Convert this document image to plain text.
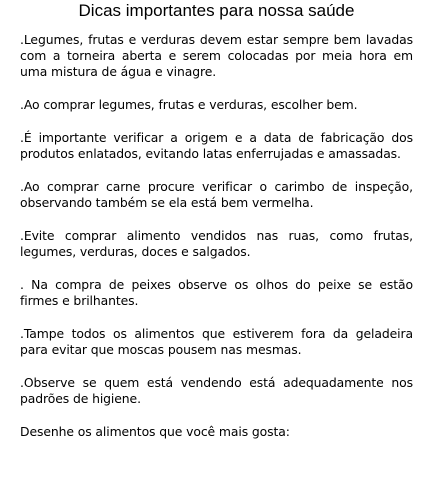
Dicas importantes para nossa saúde

.Legumes, frutas e verduras devem estar sempre bem lavadas com a torneira aberta e serem colocadas por meia hora em uma mistura de água e vinagre.

.Ao comprar legumes, frutas e verduras, escolher bem.

.É importante verificar a origem e a data de fabricação dos produtos enlatados, evitando latas enferrujadas e amassadas.

.Ao comprar carne procure verificar o carimbo de inspeção, observando também se ela está bem vermelha.

.Evite comprar alimento vendidos nas ruas, como frutas, legumes, verduras, doces e salgados.

. Na compra de peixes observe os olhos do peixe se estão firmes e brilhantes.

.Tampe todos os alimentos que estiverem fora da geladeira para evitar que moscas pousem nas mesmas.

.Observe se quem está vendendo está adequadamente nos padrões de higiene.

Desenhe os alimentos que você mais gosta:
